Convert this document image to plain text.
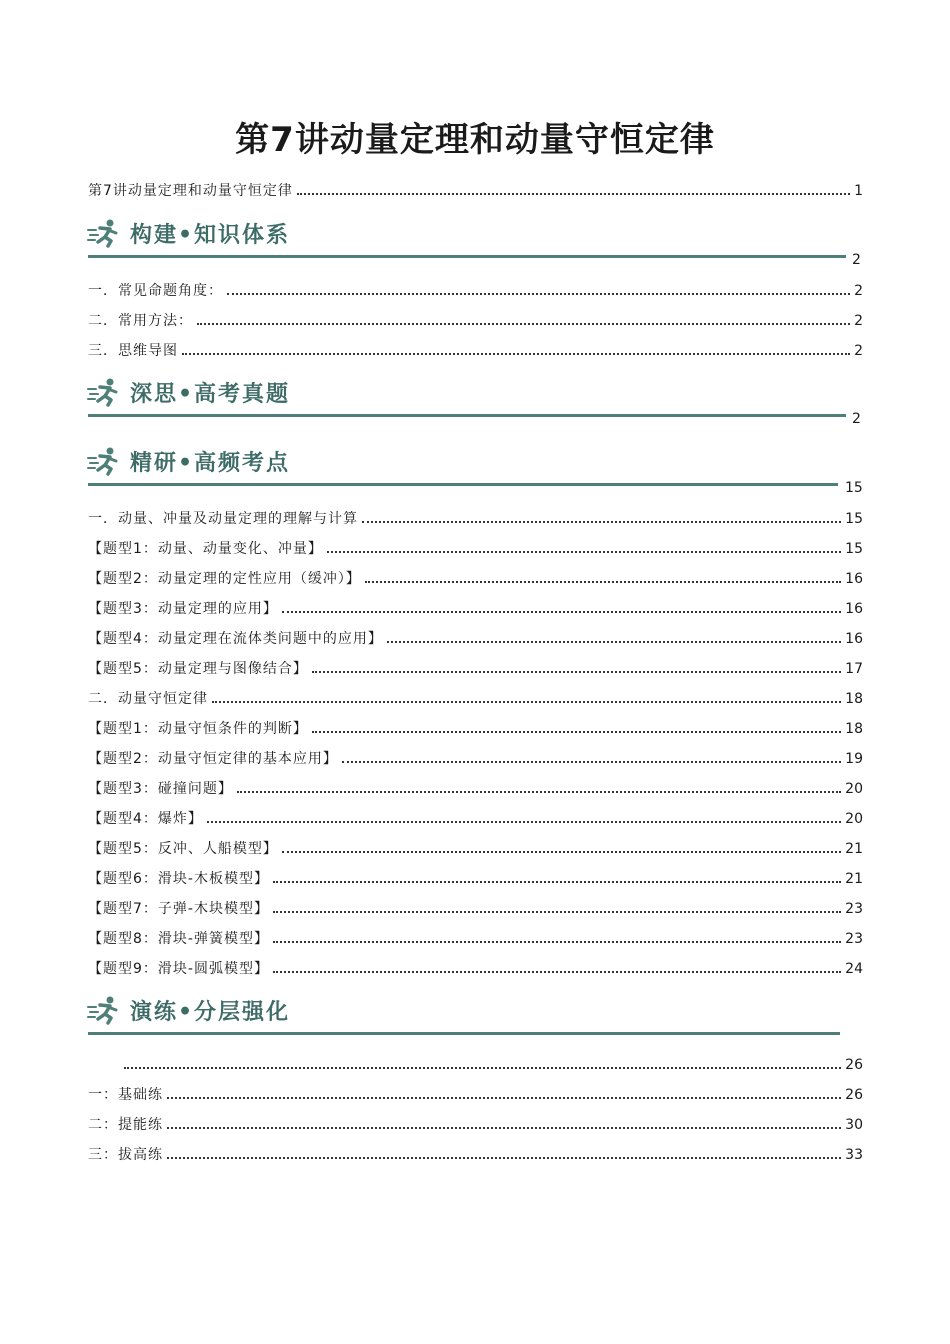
第7讲动量定理和动量守恒定律
第7讲动量定理和动量守恒定律	1
构建•知识体系
2
一．常见命题角度：	2
二．常用方法：	2
三．思维导图	2
深思•高考真题
2
精研•高频考点
15
一．动量、冲量及动量定理的理解与计算	15
【题型1：动量、动量变化、冲量】	15
【题型2：动量定理的定性应用（缓冲）】	16
【题型3：动量定理的应用】	16
【题型4：动量定理在流体类问题中的应用】	16
【题型5：动量定理与图像结合】	17
二．动量守恒定律	18
【题型1：动量守恒条件的判断】	18
【题型2：动量守恒定律的基本应用】	19
【题型3：碰撞问题】	20
【题型4：爆炸】	20
【题型5：反冲、人船模型】	21
【题型6：滑块-木板模型】	21
【题型7：子弹-木块模型】	23
【题型8：滑块-弹簧模型】	23
【题型9：滑块-圆弧模型】	24
演练•分层强化
26
一：基础练	26
二：提能练	30
三：拔高练	33
